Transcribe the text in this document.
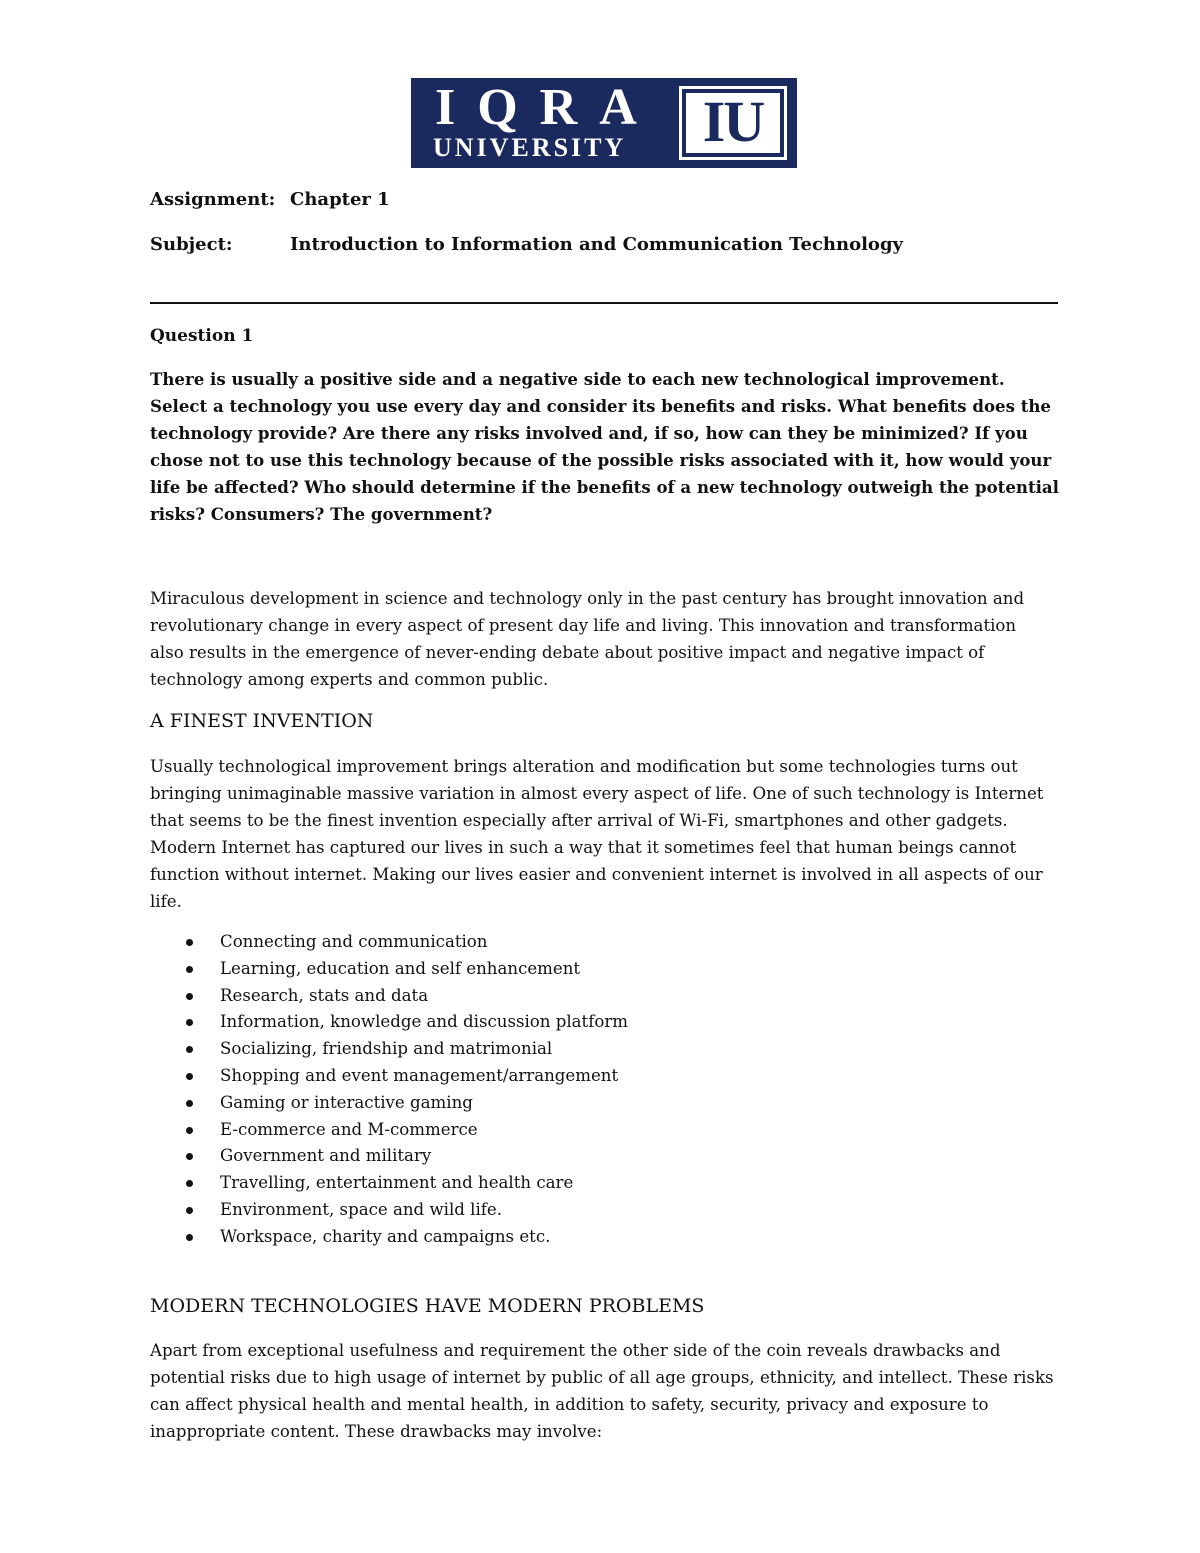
IQRA
UNIVERSITY IU
Assignment: Chapter 1
Subject:	Introduction to Information and Communication Technology
Question 1
There is usually a positive side and a negative side to each new technological improvement. Select a technology you use every day and consider its benefits and risks. What benefits does the technology provide? Are there any risks involved and, if so, how can they be minimized? If you chose not to use this technology because of the possible risks associated with it, how would your life be affected? Who should determine if the benefits of a new technology outweigh the potential risks? Consumers? The government?
Miraculous development in science and technology only in the past century has brought innovation and revolutionary change in every aspect of present day life and living. This innovation and transformation also results in the emergence of never-ending debate about positive impact and negative impact of technology among experts and common public.
A FINEST INVENTION
Usually technological improvement brings alteration and modification but some technologies turns out bringing unimaginable massive variation in almost every aspect of life. One of such technology is Internet that seems to be the finest invention especially after arrival of Wi-Fi, smartphones and other gadgets. Modern Internet has captured our lives in such a way that it sometimes feel that human beings cannot function without internet. Making our lives easier and convenient internet is involved in all aspects of our life.
Connecting and communication
Learning, education and self enhancement
Research, stats and data
Information, knowledge and discussion platform
Socializing, friendship and matrimonial
Shopping and event management/arrangement
Gaming or interactive gaming
E-commerce and M-commerce
Government and military
Travelling, entertainment and health care
Environment, space and wild life.
Workspace, charity and campaigns etc.
MODERN TECHNOLOGIES HAVE MODERN PROBLEMS
Apart from exceptional usefulness and requirement the other side of the coin reveals drawbacks and potential risks due to high usage of internet by public of all age groups, ethnicity, and intellect. These risks can affect physical health and mental health, in addition to safety, security, privacy and exposure to inappropriate content. These drawbacks may involve:
